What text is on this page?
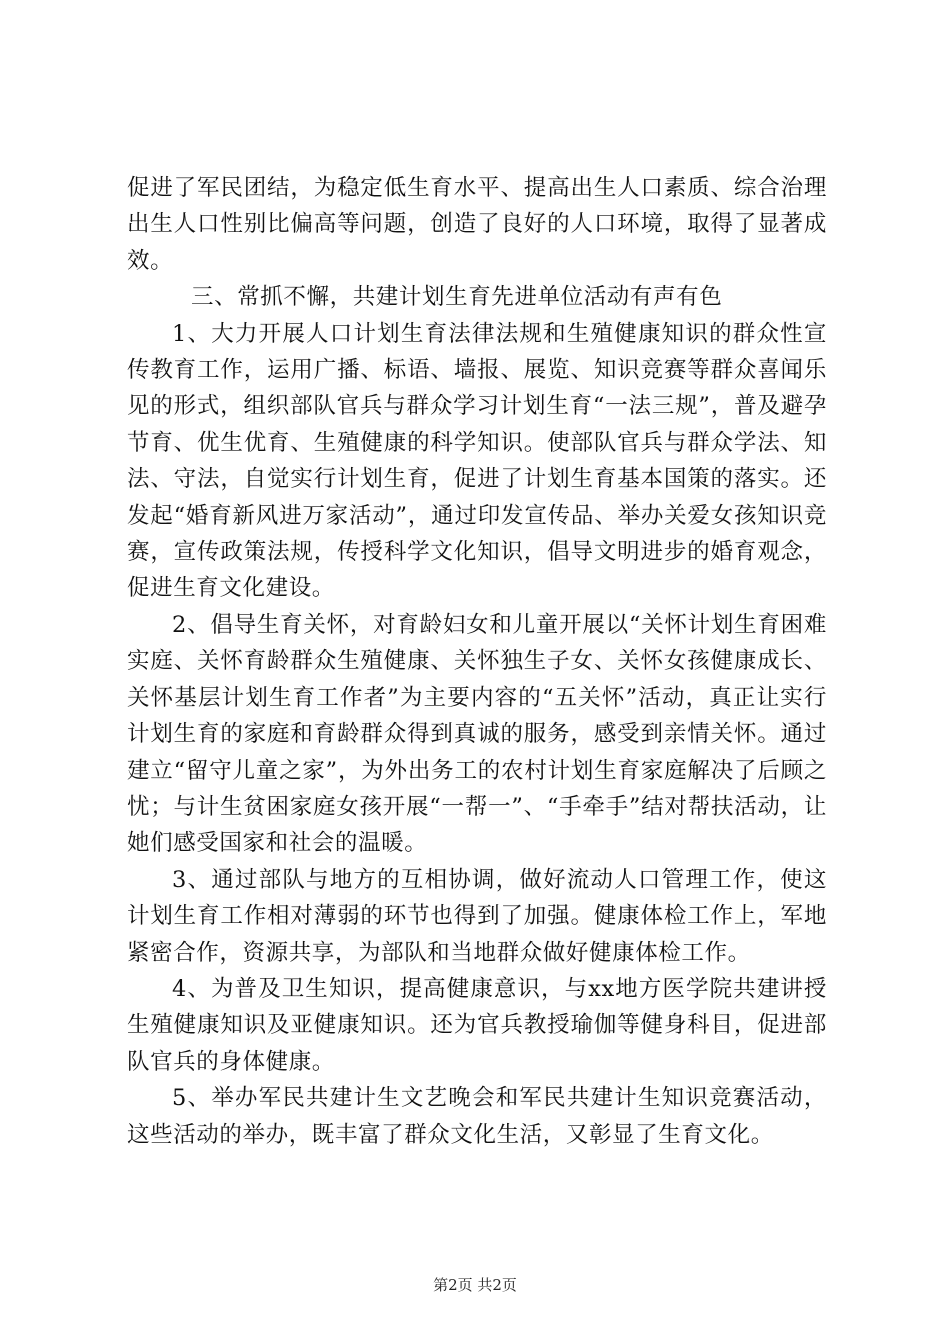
促进了军民团结，为稳定低生育水平、提高出生人口素质、综合治理出生人口性别比偏高等问题，创造了良好的人口环境，取得了显著成效。

三、常抓不懈，共建计划生育先进单位活动有声有色

1、大力开展人口计划生育法律法规和生殖健康知识的群众性宣传教育工作，运用广播、标语、墙报、展览、知识竞赛等群众喜闻乐见的形式，组织部队官兵与群众学习计划生育“一法三规”，普及避孕节育、优生优育、生殖健康的科学知识。使部队官兵与群众学法、知法、守法，自觉实行计划生育，促进了计划生育基本国策的落实。还发起“婚育新风进万家活动”，通过印发宣传品、举办关爱女孩知识竞赛，宣传政策法规，传授科学文化知识，倡导文明进步的婚育观念，促进生育文化建设。

2、倡导生育关怀，对育龄妇女和儿童开展以“关怀计划生育困难实庭、关怀育龄群众生殖健康、关怀独生子女、关怀女孩健康成长、关怀基层计划生育工作者”为主要内容的“五关怀”活动，真正让实行计划生育的家庭和育龄群众得到真诚的服务，感受到亲情关怀。通过建立“留守儿童之家”，为外出务工的农村计划生育家庭解决了后顾之忧；与计生贫困家庭女孩开展“一帮一”、“手牵手”结对帮扶活动，让她们感受国家和社会的温暖。

3、通过部队与地方的互相协调，做好流动人口管理工作，使这计划生育工作相对薄弱的环节也得到了加强。健康体检工作上，军地紧密合作，资源共享，为部队和当地群众做好健康体检工作。

4、为普及卫生知识，提高健康意识，与xx地方医学院共建讲授生殖健康知识及亚健康知识。还为官兵教授瑜伽等健身科目，促进部队官兵的身体健康。

5、举办军民共建计生文艺晚会和军民共建计生知识竞赛活动，这些活动的举办，既丰富了群众文化生活，又彰显了生育文化。

第2页 共2页
